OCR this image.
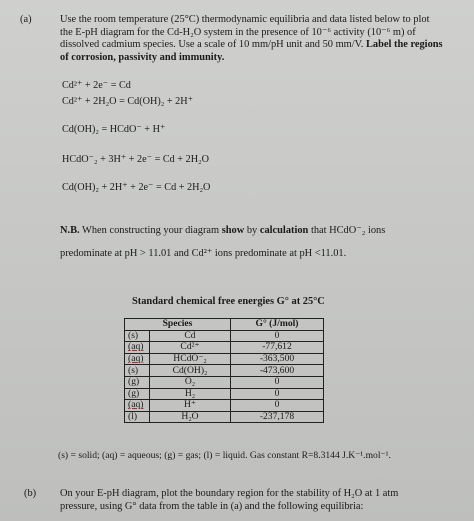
(a)	Use the room temperature (25°C) thermodynamic equilibria and data listed below to plot
the E-pH diagram for the Cd-H₂O system in the presence of 10⁻⁶ activity (10⁻⁶ m) of
dissolved cadmium species. Use a scale of 10 mm/pH unit and 50 mm/V. Label the regions
of corrosion, passivity and immunity.
Cd²⁺ + 2e⁻ = Cd
Cd²⁺ + 2H₂O = Cd(OH)₂ + 2H⁺
Cd(OH)₂ = HCdO⁻ + H⁺
HCdO⁻₂ + 3H⁺ + 2e⁻ = Cd + 2H₂O
Cd(OH)₂ + 2H⁺ + 2e⁻ = Cd + 2H₂O
N.B. When constructing your diagram show by calculation that HCdO⁻₂ ions
predominate at pH > 11.01 and Cd²⁺ ions predominate at pH <11.01.
Standard chemical free energies G° at 25°C
Species		G° (J/mol)
(s)	Cd	0
(aq)	Cd²⁺	-77,612
(aq)	HCdO⁻₂	-363,500
(s)	Cd(OH)₂	-473,600
(g)	O₂	0
(g)	H₂	0
(aq)	H⁺	0
(l)	H₂O	-237,178
(s) = solid; (aq) = aqueous; (g) = gas; (l) = liquid. Gas constant R=8.3144 J.K⁻¹.mol⁻¹.
(b) On your E-pH diagram, plot the boundary region for the stability of H₂O at 1 atm
pressure, using G° data from the table in (a) and the following equilibria:
